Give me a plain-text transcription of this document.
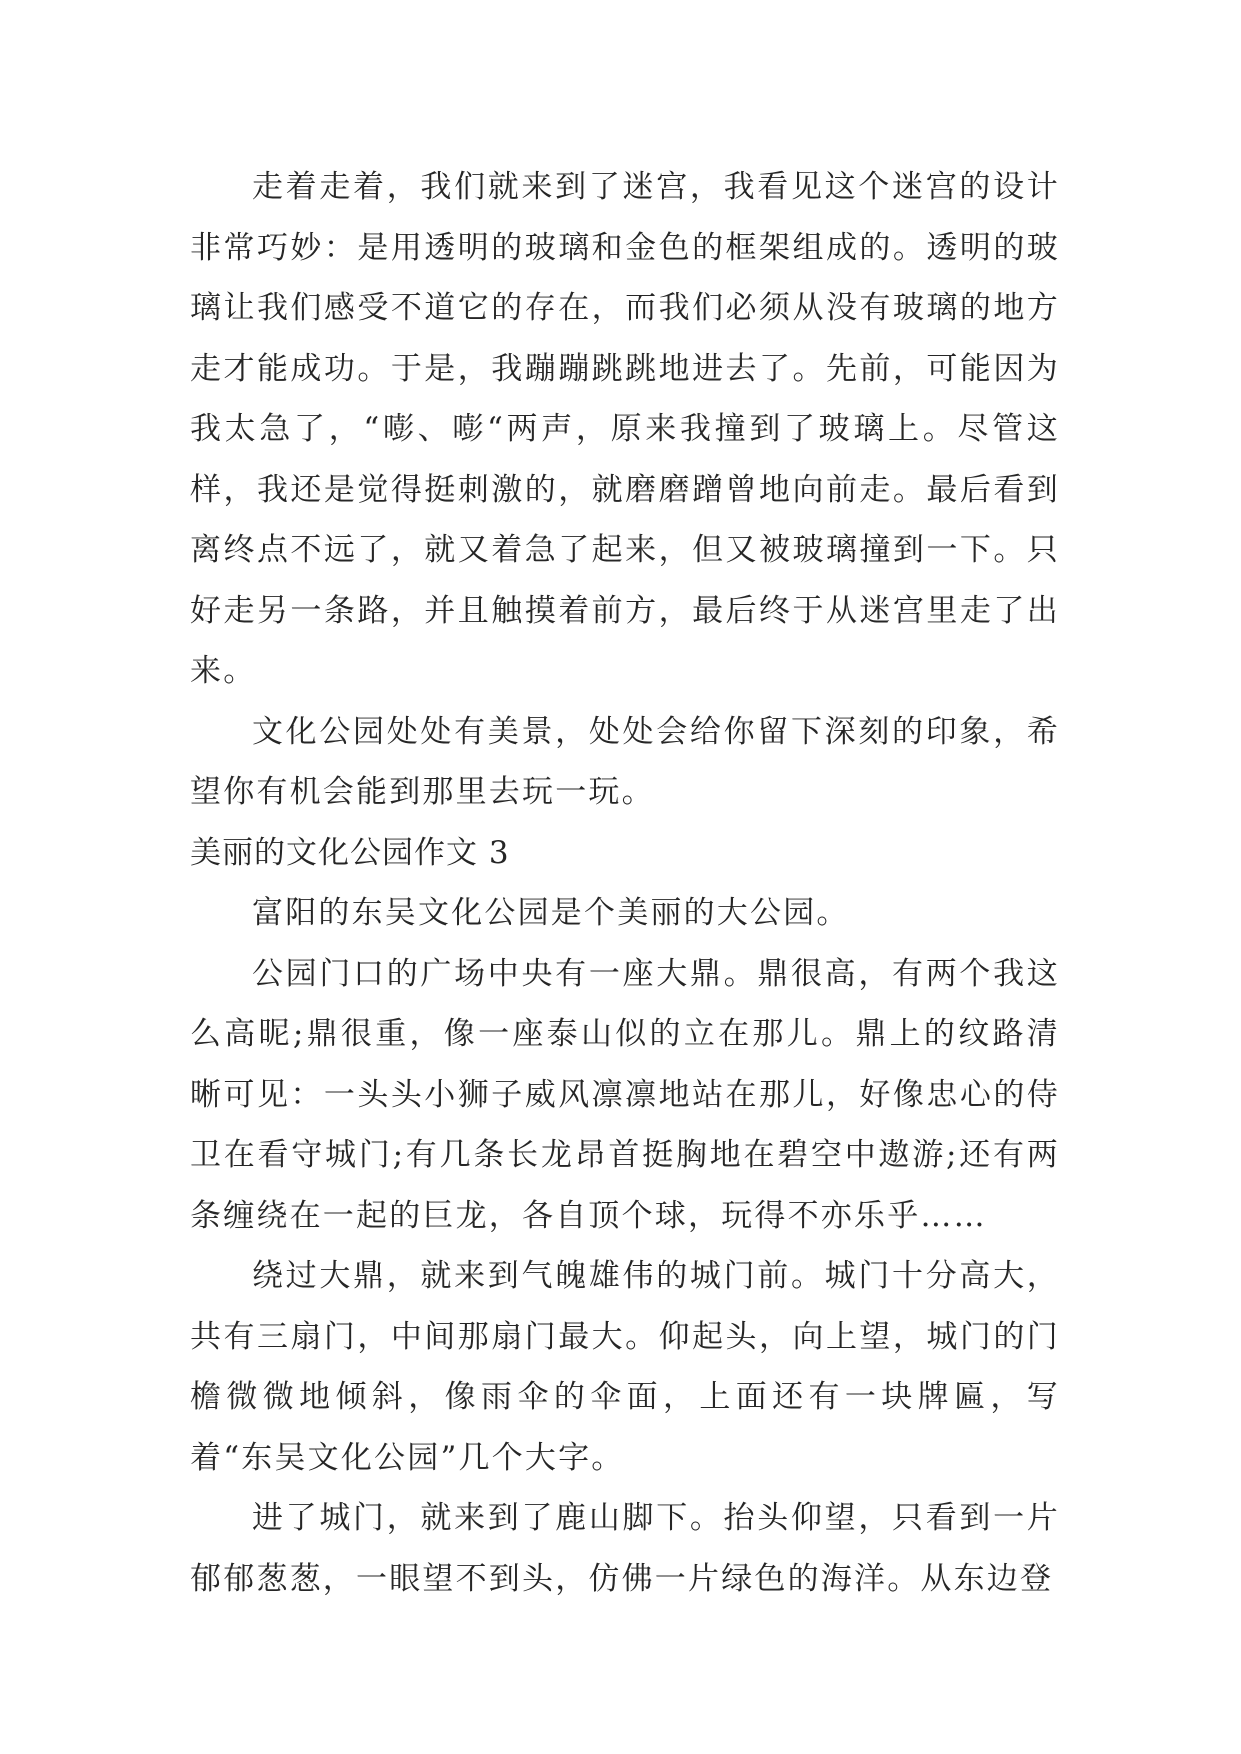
走着走着，我们就来到了迷宫，我看见这个迷宫的设计非常巧妙：是用透明的玻璃和金色的框架组成的。透明的玻璃让我们感受不道它的存在，而我们必须从没有玻璃的地方走才能成功。于是，我蹦蹦跳跳地进去了。先前，可能因为我太急了，“嘭、嘭“两声，原来我撞到了玻璃上。尽管这样，我还是觉得挺刺激的，就磨磨蹭曾地向前走。最后看到离终点不远了，就又着急了起来，但又被玻璃撞到一下。只好走另一条路，并且触摸着前方，最后终于从迷宫里走了出来。

文化公园处处有美景，处处会给你留下深刻的印象，希望你有机会能到那里去玩一玩。

美丽的文化公园作文 3

富阳的东吴文化公园是个美丽的大公园。

公园门口的广场中央有一座大鼎。鼎很高，有两个我这么高昵;鼎很重，像一座泰山似的立在那儿。鼎上的纹路清晰可见：一头头小狮子威风凛凛地站在那儿，好像忠心的侍卫在看守城门;有几条长龙昂首挺胸地在碧空中遨游;还有两条缠绕在一起的巨龙，各自顶个球，玩得不亦乐乎……

绕过大鼎，就来到气魄雄伟的城门前。城门十分高大，共有三扇门，中间那扇门最大。仰起头，向上望，城门的门檐微微地倾斜，像雨伞的伞面，上面还有一块牌匾，写着“东吴文化公园”几个大字。

进了城门，就来到了鹿山脚下。抬头仰望，只看到一片郁郁葱葱，一眼望不到头，仿佛一片绿色的海洋。从东边登
